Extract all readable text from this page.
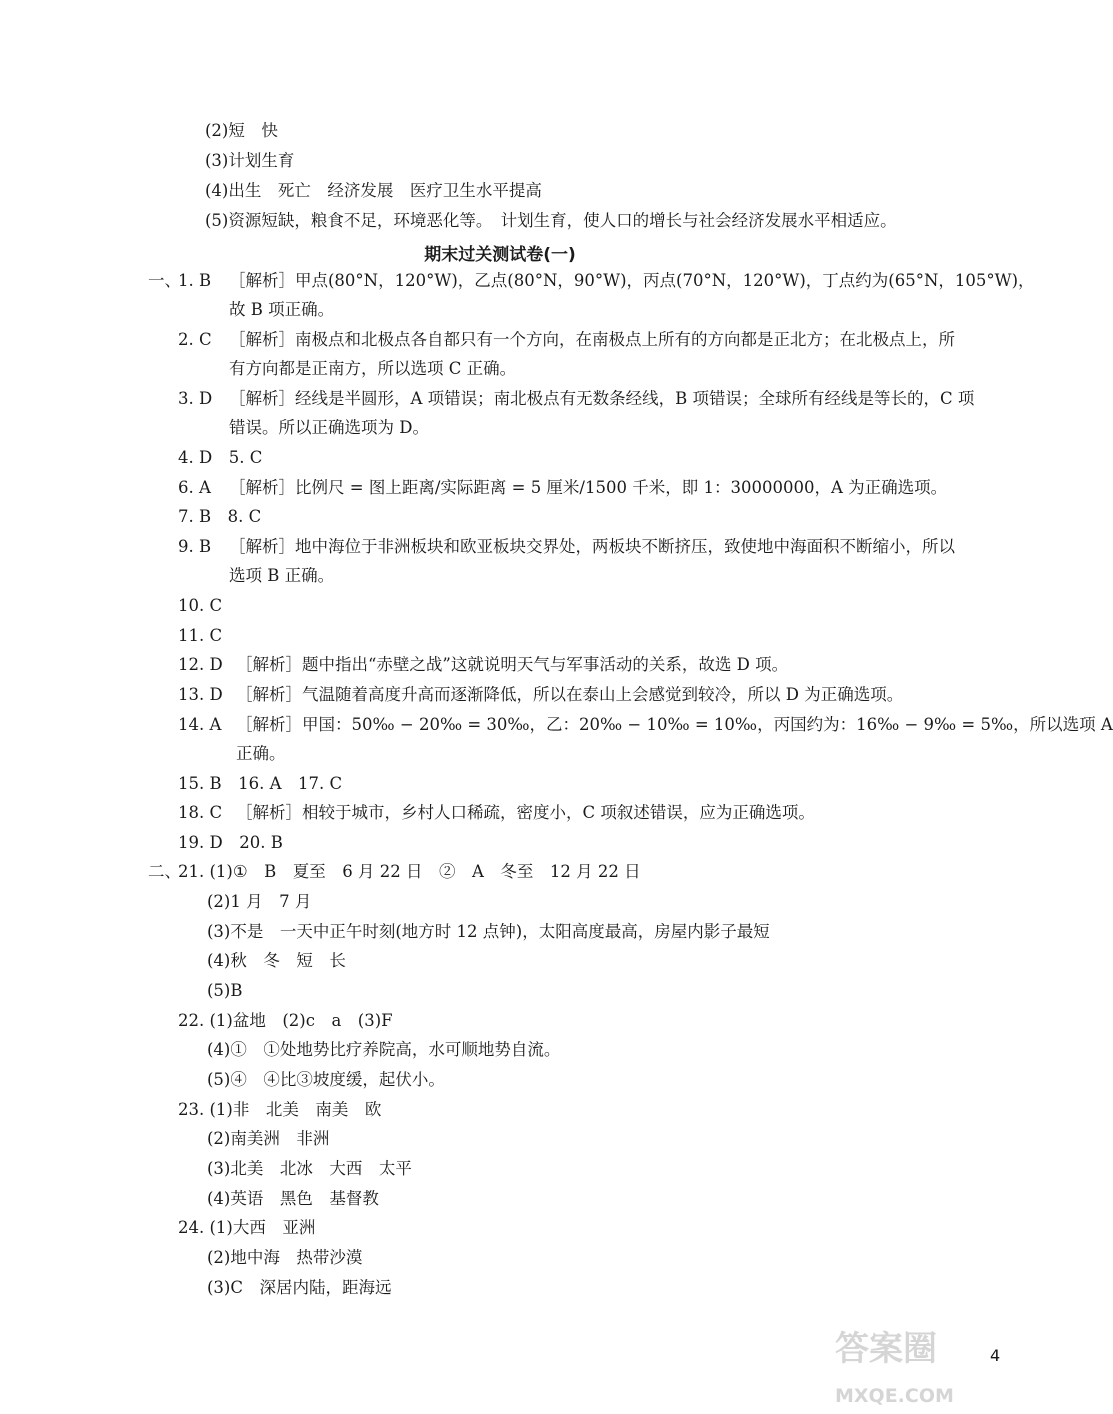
(2)短　快
(3)计划生育
(4)出生　死亡　经济发展　医疗卫生水平提高
(5)资源短缺，粮食不足，环境恶化等。　计划生育，使人口的增长与社会经济发展水平相适应。
期末过关测试卷(一)
一、
1. B ［解析］甲点(80°N，120°W)，乙点(80°N，90°W)，丙点(70°N，120°W)，丁点约为(65°N，105°W)，
故 B 项正确。
2. C ［解析］南极点和北极点各自都只有一个方向，在南极点上所有的方向都是正北方；在北极点上，所
有方向都是正南方，所以选项 C 正确。
3. D ［解析］经线是半圆形，A 项错误；南北极点有无数条经线，B 项错误；全球所有经线是等长的，C 项
错误。所以正确选项为 D。
4. D　5. C
6. A ［解析］比例尺 = 图上距离/实际距离 = 5 厘米/1500 千米，即 1：30000000，A 为正确选项。
7. B　8. C
9. B ［解析］地中海位于非洲板块和欧亚板块交界处，两板块不断挤压，致使地中海面积不断缩小，所以
选项 B 正确。
10. C
11. C
12. D ［解析］题中指出“赤壁之战”这就说明天气与军事活动的关系，故选 D 项。
13. D ［解析］气温随着高度升高而逐渐降低，所以在泰山上会感觉到较冷，所以 D 为正确选项。
14. A ［解析］甲国：50‰ − 20‰ = 30‰，乙：20‰ − 10‰ = 10‰，丙国约为：16‰ − 9‰ = 5‰，所以选项 A
正确。
15. B　16. A　17. C
18. C ［解析］相较于城市，乡村人口稀疏，密度小，C 项叙述错误，应为正确选项。
19. D　20. B
二、
21. (1)①　B　夏至　6 月 22 日　②　A　冬至　12 月 22 日
(2)1 月　7 月
(3)不是　一天中正午时刻(地方时 12 点钟)，太阳高度最高，房屋内影子最短
(4)秋　冬　短　长
(5)B
22. (1)盆地　(2)c　a　(3)F
(4)①　①处地势比疗养院高，水可顺地势自流。
(5)④　④比③坡度缓，起伏小。
23. (1)非　北美　南美　欧
(2)南美洲　非洲
(3)北美　北冰　大西　太平
(4)英语　黑色　基督教
24. (1)大西　亚洲
(2)地中海　热带沙漠
(3)C　深居内陆，距海远
4
答案圈
MXQE.COM
